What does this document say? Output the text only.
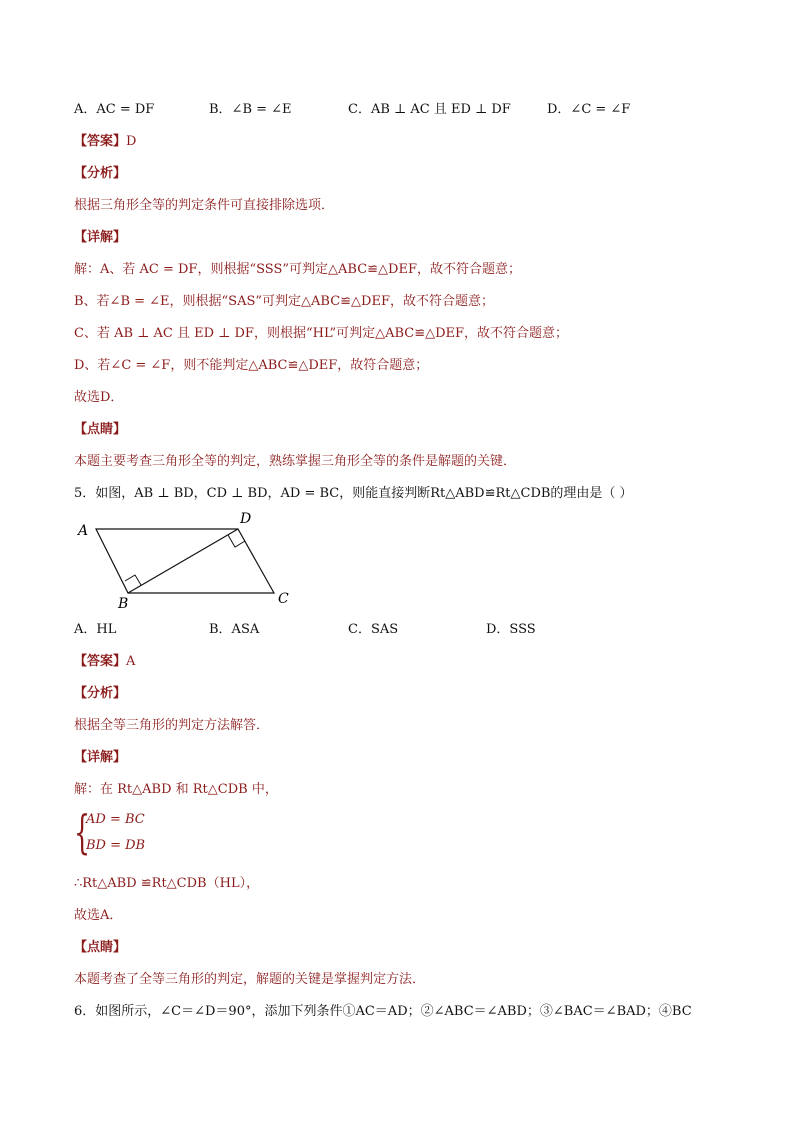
A．AC = DF	B．∠B = ∠E	C．AB ⊥ AC 且 ED ⊥ DF	D．∠C = ∠F
【答案】D
【分析】
根据三角形全等的判定条件可直接排除选项．
【详解】
解：A、若 AC = DF，则根据“SSS”可判定△ABC≌△DEF，故不符合题意；
B、若∠B = ∠E，则根据“SAS”可判定△ABC≌△DEF，故不符合题意；
C、若 AB ⊥ AC 且 ED ⊥ DF，则根据“HL”可判定△ABC≌△DEF，故不符合题意；
D、若∠C = ∠F，则不能判定△ABC≌△DEF，故符合题意；
故选D．
【点睛】
本题主要考查三角形全等的判定，熟练掌握三角形全等的条件是解题的关键．
5．如图，AB ⊥ BD，CD ⊥ BD，AD = BC，则能直接判断Rt△ABD≌Rt△CDB的理由是（ ）
A
B	C
D
A．HL	B．ASA	C．SAS	D．SSS
【答案】A
【分析】
根据全等三角形的判定方法解答．
【详解】
解：在 Rt△ABD 和 Rt△CDB 中，
{
AD = BC
BD = DB
∴Rt△ABD ≌Rt△CDB（HL），
故选A．
【点睛】
本题考查了全等三角形的判定，解题的关键是掌握判定方法．
6．如图所示，∠C＝∠D＝90°，添加下列条件①AC＝AD；②∠ABC＝∠ABD；③∠BAC＝∠BAD；④BC
